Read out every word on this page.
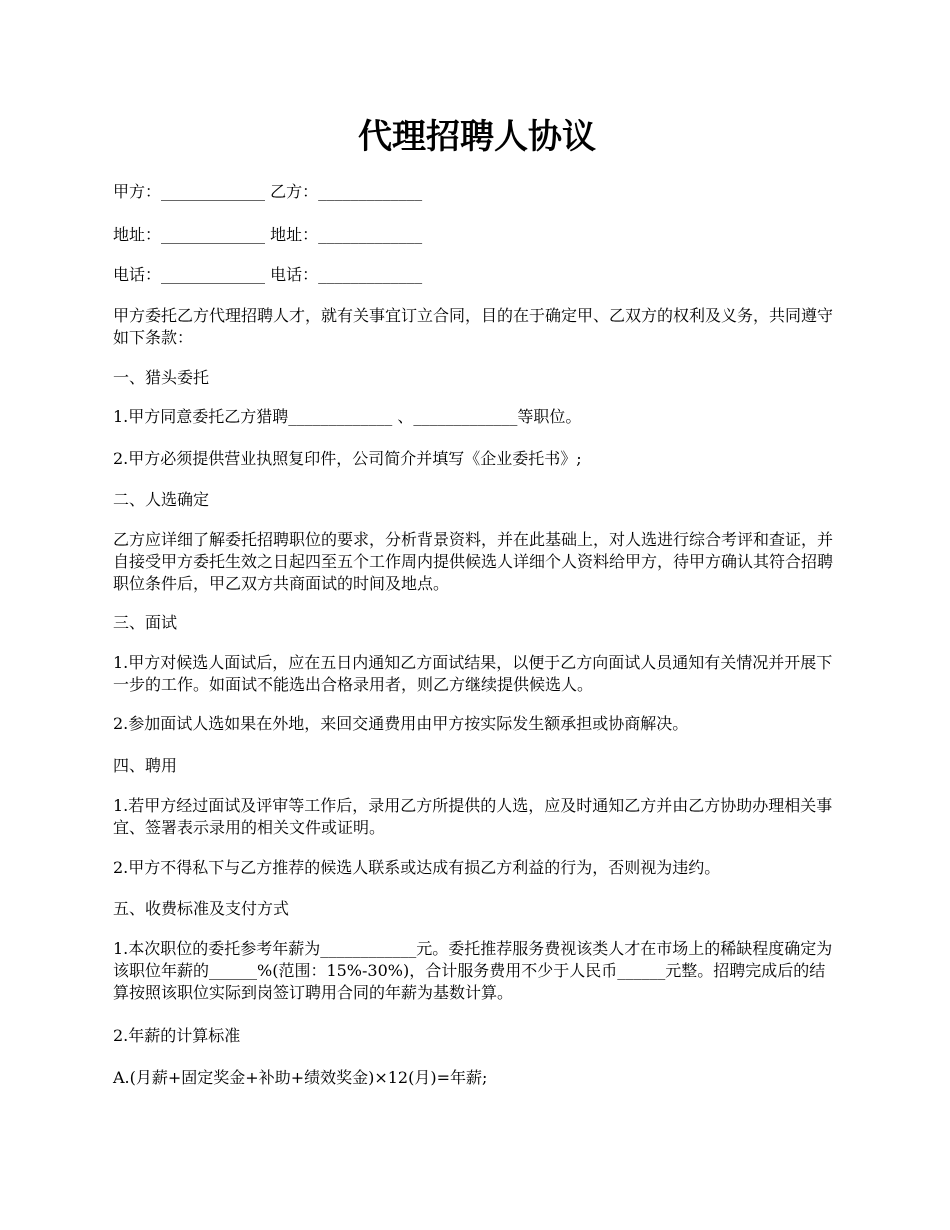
代理招聘人协议

甲方：_____________ 乙方：_____________

地址：_____________ 地址：_____________

电话：_____________ 电话：_____________

甲方委托乙方代理招聘人才，就有关事宜订立合同，目的在于确定甲、乙双方的权利及义务，共同遵守如下条款：

一、猎头委托

1.甲方同意委托乙方猎聘_____________ 、_____________等职位。

2.甲方必须提供营业执照复印件，公司简介并填写《企业委托书》;

二、人选确定

乙方应详细了解委托招聘职位的要求，分析背景资料，并在此基础上，对人选进行综合考评和查证，并自接受甲方委托生效之日起四至五个工作周内提供候选人详细个人资料给甲方，待甲方确认其符合招聘职位条件后，甲乙双方共商面试的时间及地点。

三、面试

1.甲方对候选人面试后，应在五日内通知乙方面试结果，以便于乙方向面试人员通知有关情况并开展下一步的工作。如面试不能选出合格录用者，则乙方继续提供候选人。

2.参加面试人选如果在外地，来回交通费用由甲方按实际发生额承担或协商解决。

四、聘用

1.若甲方经过面试及评审等工作后，录用乙方所提供的人选，应及时通知乙方并由乙方协助办理相关事宜、签署表示录用的相关文件或证明。

2.甲方不得私下与乙方推荐的候选人联系或达成有损乙方利益的行为，否则视为违约。

五、收费标准及支付方式

1.本次职位的委托参考年薪为____________元。委托推荐服务费视该类人才在市场上的稀缺程度确定为该职位年薪的______%(范围：15%-30%)，合计服务费用不少于人民币______元整。招聘完成后的结算按照该职位实际到岗签订聘用合同的年薪为基数计算。

2.年薪的计算标准

A.(月薪+固定奖金+补助+绩效奖金)×12(月)=年薪;
